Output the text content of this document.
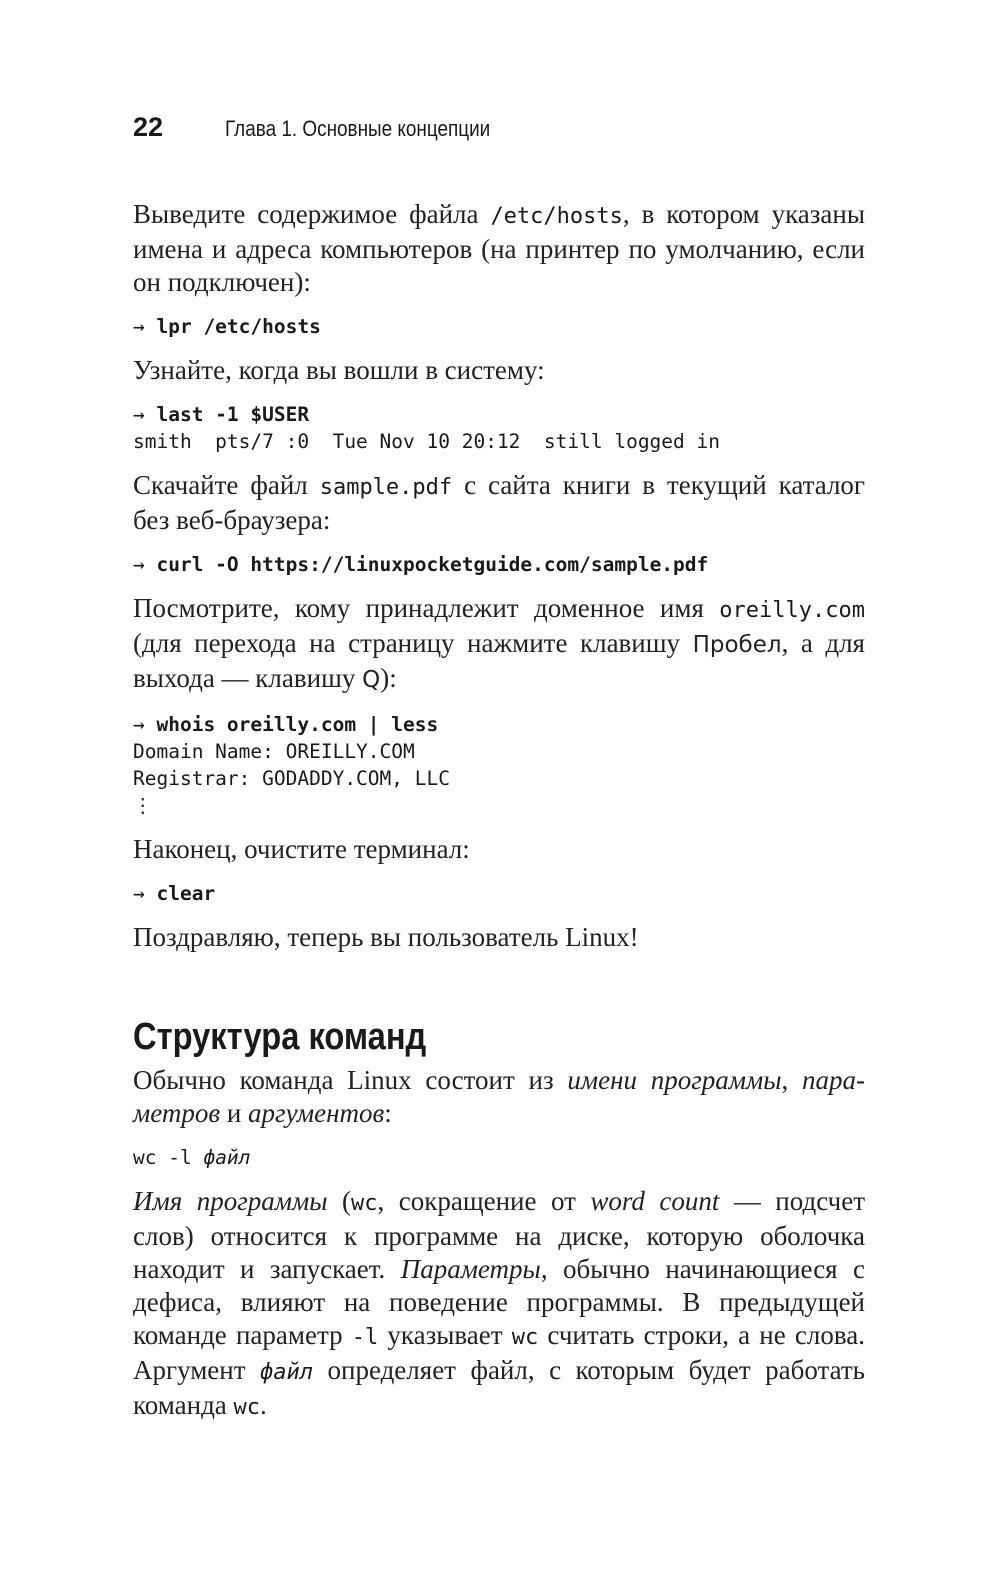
22	Глава 1. Основные концепции

Выведите содержимое файла /etc/hosts, в котором указаны имена и адреса компьютеров (на принтер по умолчанию, если он подключен):

→ lpr /etc/hosts

Узнайте, когда вы вошли в систему:

→ last -1 $USER
smith  pts/7 :0  Tue Nov 10 20:12  still logged in

Скачайте файл sample.pdf с сайта книги в текущий каталог без веб-браузера:

→ curl -O https://linuxpocketguide.com/sample.pdf

Посмотрите, кому принадлежит доменное имя oreilly.com (для перехода на страницу нажмите клавишу Пробел, а для выхода — клавишу Q):

→ whois oreilly.com | less
Domain Name: OREILLY.COM
Registrar: GODADDY.COM, LLC
⋮

Наконец, очистите терминал:

→ clear

Поздравляю, теперь вы пользователь Linux!

Структура команд

Обычно команда Linux состоит из имени программы, параметров и аргументов:

wc -l файл

Имя программы (wc, сокращение от word count — подсчет слов) относится к программе на диске, которую оболочка находит и запускает. Параметры, обычно начинающиеся с дефиса, влияют на поведение программы. В предыдущей команде параметр -l указывает wc считать строки, а не слова. Аргумент файл определяет файл, с которым будет работать команда wc.
